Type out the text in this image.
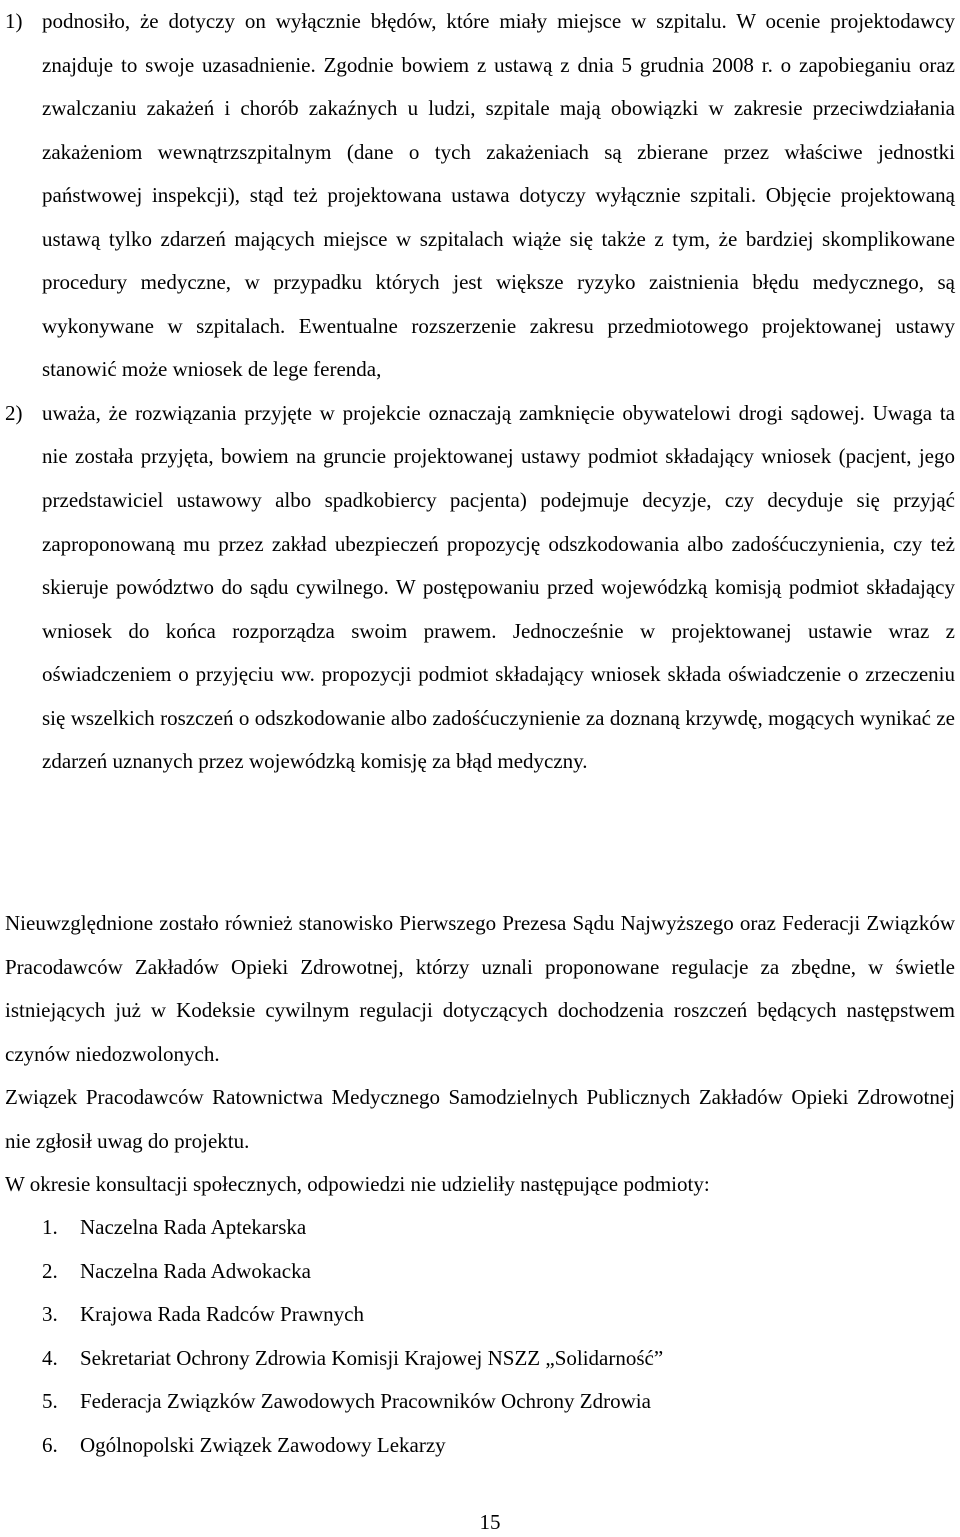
1) podnosiło, że dotyczy on wyłącznie błędów, które miały miejsce w szpitalu. W ocenie projektodawcy znajduje to swoje uzasadnienie. Zgodnie bowiem z ustawą z dnia 5 grudnia 2008 r. o zapobieganiu oraz zwalczaniu zakażeń i chorób zakaźnych u ludzi, szpitale mają obowiązki w zakresie przeciwdziałania zakażeniom wewnątrzszpitalnym (dane o tych zakażeniach są zbierane przez właściwe jednostki państwowej inspekcji), stąd też projektowana ustawa dotyczy wyłącznie szpitali. Objęcie projektowaną ustawą tylko zdarzeń mających miejsce w szpitalach wiąże się także z tym, że bardziej skomplikowane procedury medyczne, w przypadku których jest większe ryzyko zaistnienia błędu medycznego, są wykonywane w szpitalach. Ewentualne rozszerzenie zakresu przedmiotowego projektowanej ustawy stanowić może wniosek de lege ferenda,
2) uważa, że rozwiązania przyjęte w projekcie oznaczają zamknięcie obywatelowi drogi sądowej. Uwaga ta nie została przyjęta, bowiem na gruncie projektowanej ustawy podmiot składający wniosek (pacjent, jego przedstawiciel ustawowy albo spadkobiercy pacjenta) podejmuje decyzje, czy decyduje się przyjąć zaproponowaną mu przez zakład ubezpieczeń propozycję odszkodowania albo zadośćuczynienia, czy też skieruje powództwo do sądu cywilnego. W postępowaniu przed wojewódzką komisją podmiot składający wniosek do końca rozporządza swoim prawem. Jednocześnie w projektowanej ustawie wraz z oświadczeniem o przyjęciu ww. propozycji podmiot składający wniosek składa oświadczenie o zrzeczeniu się wszelkich roszczeń o odszkodowanie albo zadośćuczynienie za doznaną krzywdę, mogących wynikać ze zdarzeń uznanych przez wojewódzką komisję za błąd medyczny.

Nieuwzględnione zostało również stanowisko Pierwszego Prezesa Sądu Najwyższego oraz Federacji Związków Pracodawców Zakładów Opieki Zdrowotnej, którzy uznali proponowane regulacje za zbędne, w świetle istniejących już w Kodeksie cywilnym regulacji dotyczących dochodzenia roszczeń będących następstwem czynów niedozwolonych.

Związek Pracodawców Ratownictwa Medycznego Samodzielnych Publicznych Zakładów Opieki Zdrowotnej nie zgłosił uwag do projektu.

W okresie konsultacji społecznych, odpowiedzi nie udzieliły następujące podmioty:

1. Naczelna Rada Aptekarska
2. Naczelna Rada Adwokacka
3. Krajowa Rada Radców Prawnych
4. Sekretariat Ochrony Zdrowia Komisji Krajowej NSZZ „Solidarność”
5. Federacja Związków Zawodowych Pracowników Ochrony Zdrowia
6. Ogólnopolski Związek Zawodowy Lekarzy
15
